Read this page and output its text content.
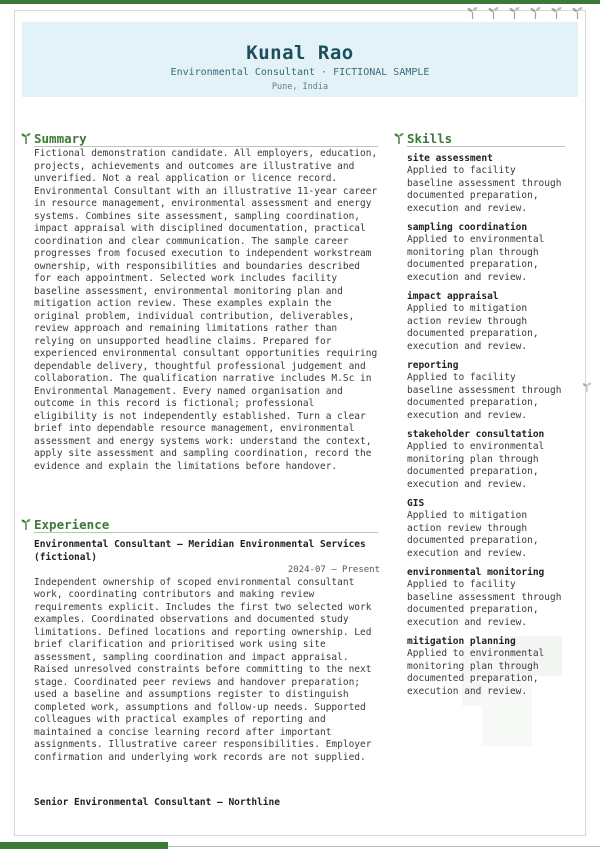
Kunal Rao
Environmental Consultant · FICTIONAL SAMPLE
Pune, India
Summary
Fictional demonstration candidate. All employers, education, projects, achievements and outcomes are illustrative and unverified. Not a real application or licence record. Environmental Consultant with an illustrative 11-year career in resource management, environmental assessment and energy systems. Combines site assessment, sampling coordination, impact appraisal with disciplined documentation, practical coordination and clear communication. The sample career progresses from focused execution to independent workstream ownership, with responsibilities and boundaries described for each appointment. Selected work includes facility baseline assessment, environmental monitoring plan and mitigation action review. These examples explain the original problem, individual contribution, deliverables, review approach and remaining limitations rather than relying on unsupported headline claims. Prepared for experienced environmental consultant opportunities requiring dependable delivery, thoughtful professional judgement and collaboration. The qualification narrative includes M.Sc in Environmental Management. Every named organisation and outcome in this record is fictional; professional eligibility is not independently established. Turn a clear brief into dependable resource management, environmental assessment and energy systems work: understand the context, apply site assessment and sampling coordination, record the evidence and explain the limitations before handover.
Experience
Environmental Consultant — Meridian Environmental Services (fictional)
2024-07 – Present
Independent ownership of scoped environmental consultant work, coordinating contributors and making review requirements explicit. Includes the first two selected work examples. Coordinated observations and documented study limitations. Defined locations and reporting ownership. Led brief clarification and prioritised work using site assessment, sampling coordination and impact appraisal. Raised unresolved constraints before committing to the next stage. Coordinated peer reviews and handover preparation; used a baseline and assumptions register to distinguish completed work, assumptions and follow-up needs. Supported colleagues with practical examples of reporting and maintained a concise learning record after important assignments. Illustrative career responsibilities. Employer confirmation and underlying work records are not supplied.
Senior Environmental Consultant — Northline
Skills
site assessment
Applied to facility baseline assessment through documented preparation, execution and review.
sampling coordination
Applied to environmental monitoring plan through documented preparation, execution and review.
impact appraisal
Applied to mitigation action review through documented preparation, execution and review.
reporting
Applied to facility baseline assessment through documented preparation, execution and review.
stakeholder consultation
Applied to environmental monitoring plan through documented preparation, execution and review.
GIS
Applied to mitigation action review through documented preparation, execution and review.
environmental monitoring
Applied to facility baseline assessment through documented preparation, execution and review.
mitigation planning
Applied to environmental monitoring plan through documented preparation, execution and review.
